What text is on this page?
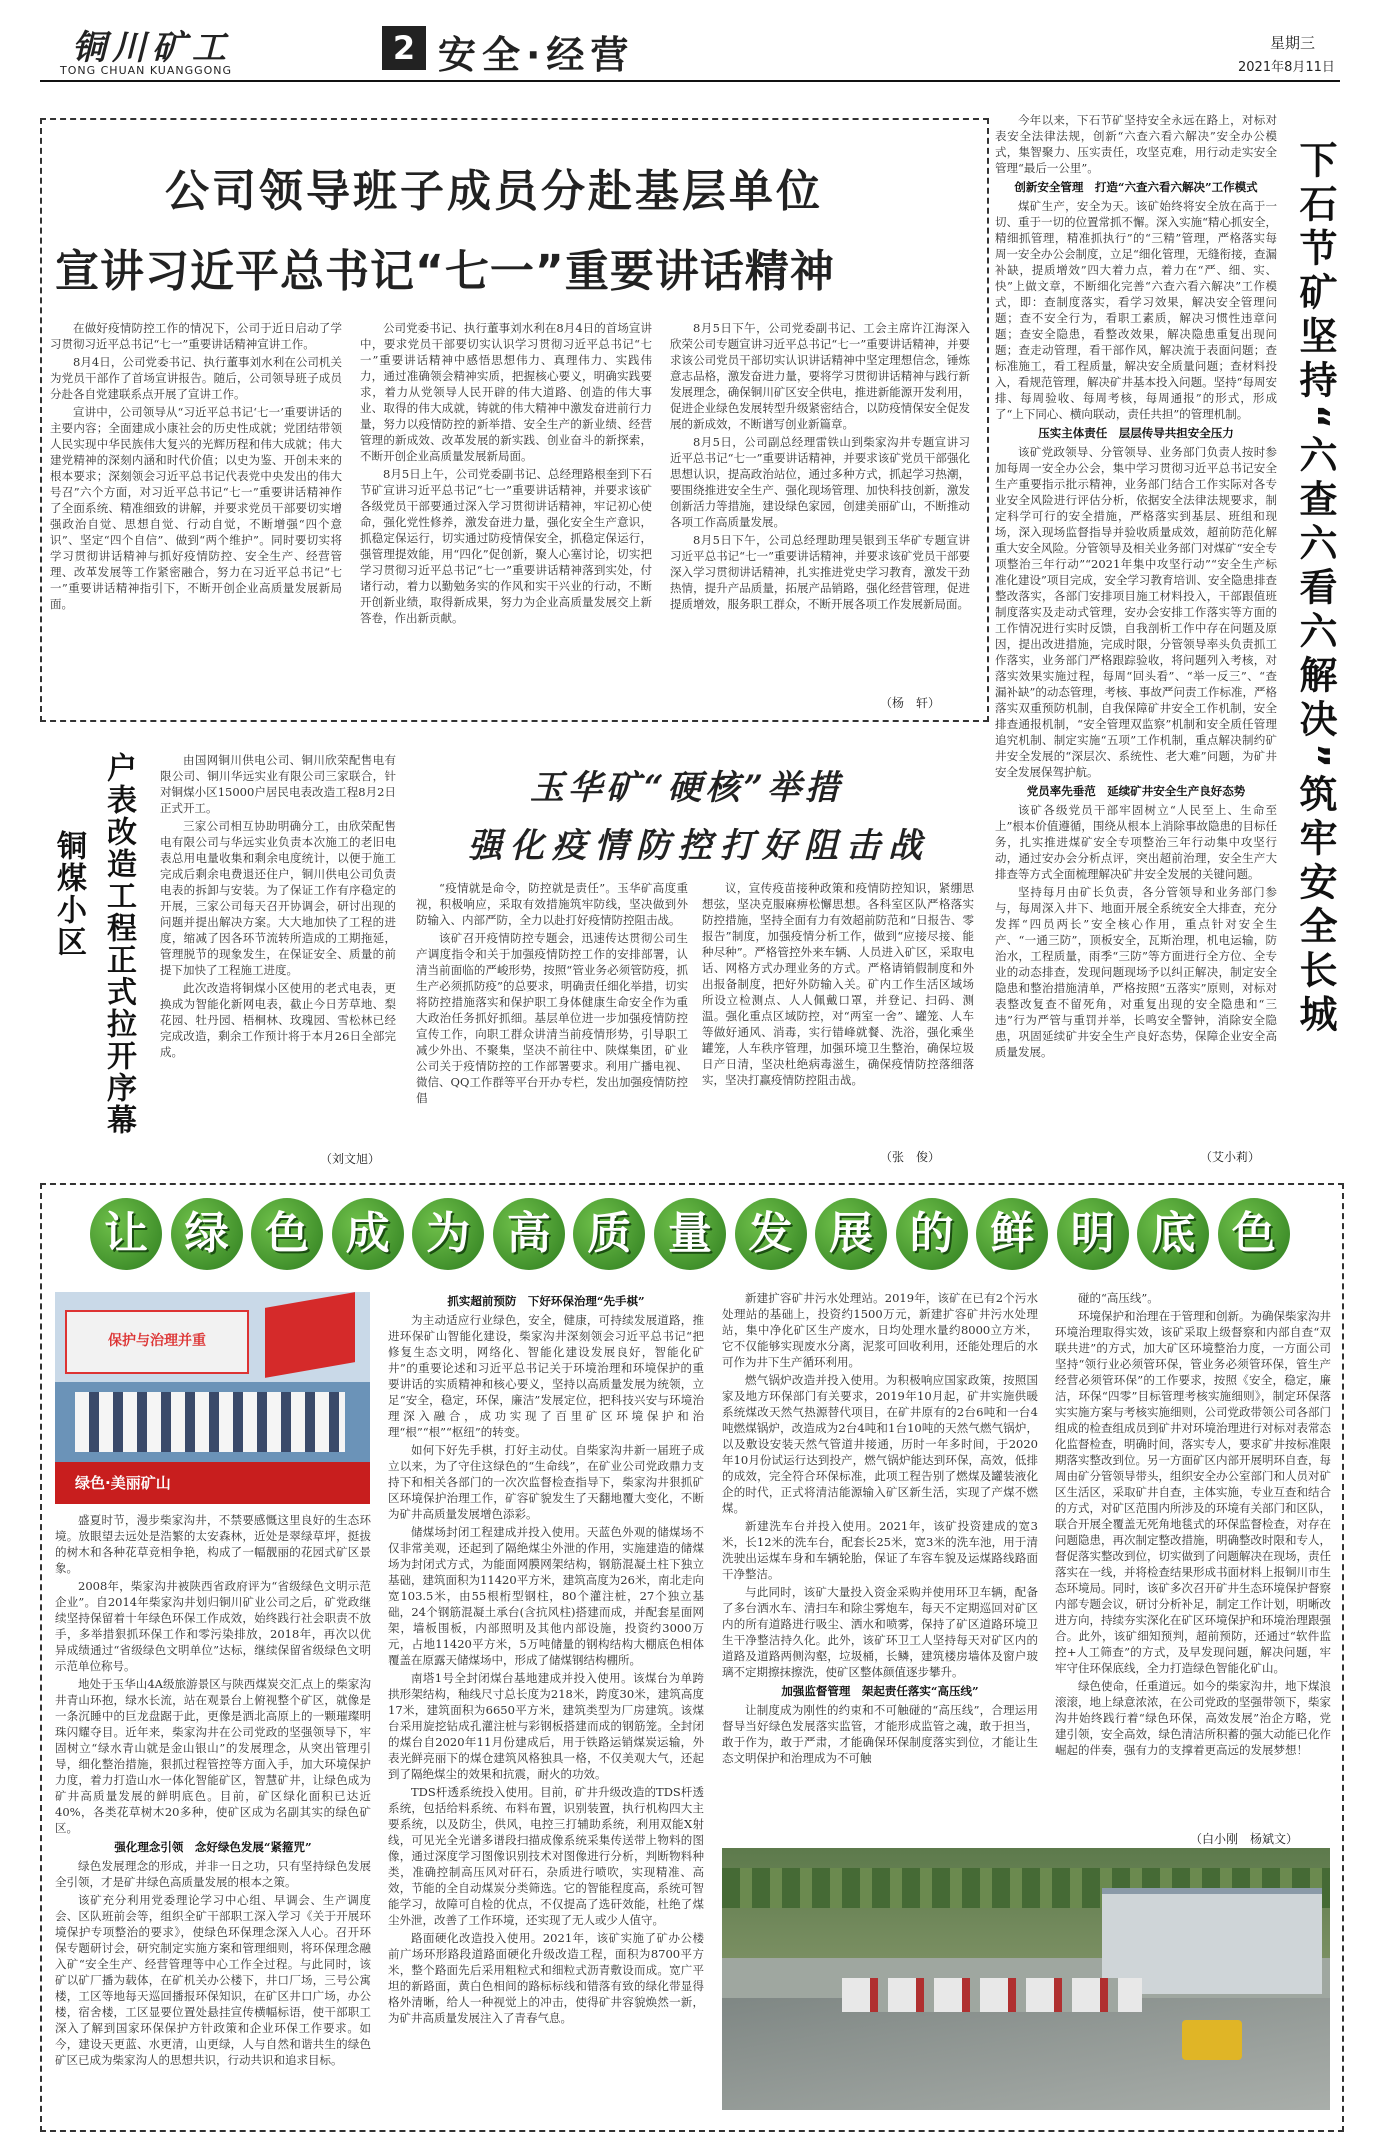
铜川矿工
TONG CHUAN KUANGGONG
2 安全·经营	星期三
2021年8月11日
公司领导班子成员分赴基层单位
宣讲习近平总书记“七一”重要讲话精神

在做好疫情防控工作的情况下，公司于近日启动了学习贯彻习近平总书记“七一”重要讲话精神宣讲工作。

8月4日，公司党委书记、执行董事刘水利在公司机关为党员干部作了首场宣讲报告。随后，公司领导班子成员分赴各自党建联系点开展了宣讲工作。

宣讲中，公司领导从“习近平总书记‘七一’重要讲话的主要内容；全面建成小康社会的历史性成就；党团结带领人民实现中华民族伟大复兴的光辉历程和伟大成就；伟大建党精神的深刻内涵和时代价值；以史为鉴、开创未来的根本要求；深刻领会习近平总书记代表党中央发出的伟大号召”六个方面，对习近平总书记“七一”重要讲话精神作了全面系统、精准细致的讲解，并要求党员干部要切实增强政治自觉、思想自觉、行动自觉，不断增强“四个意识”、坚定“四个自信”、做到“两个维护”。同时要切实将学习贯彻讲话精神与抓好疫情防控、安全生产、经营管理、改革发展等工作紧密融合，努力在习近平总书记“七一”重要讲话精神指引下，不断开创企业高质量发展新局面。

公司党委书记、执行董事刘水利在8月4日的首场宣讲中，要求党员干部要切实认识学习贯彻习近平总书记“七一”重要讲话精神中感悟思想伟力、真理伟力、实践伟力，通过准确领会精神实质，把握核心要义，明确实践要求，着力从党领导人民开辟的伟大道路、创造的伟大事业、取得的伟大成就，铸就的伟大精神中激发奋进前行力量，努力以疫情防控的新举措、安全生产的新业绩、经营管理的新成效、改革发展的新实践、创业奋斗的新探索，不断开创企业高质量发展新局面。

8月5日上午，公司党委副书记、总经理路根奎到下石节矿宣讲习近平总书记“七一”重要讲话精神，并要求该矿各级党员干部要通过深入学习贯彻讲话精神，牢记初心使命，强化党性修养，激发奋进力量，强化安全生产意识，抓稳定保运行，切实通过防疫情保安全，抓稳定保运行，强管理提效能，用“四化”促创新，聚人心塞讨论，切实把学习贯彻习近平总书记“七一”重要讲话精神落到实处，付诸行动，着力以勤勉务实的作风和实干兴业的行动，不断开创新业绩，取得新成果，努力为企业高质量发展交上新答卷，作出新贡献。

8月5日下午，公司党委副书记、工会主席许江海深入欣荣公司专题宣讲习近平总书记“七一”重要讲话精神，并要求该公司党员干部切实认识讲话精神中坚定理想信念，锤炼意志品格，激发奋进力量，要将学习贯彻讲话精神与践行新发展理念，确保铜川矿区安全供电，推进新能源开发利用，促进企业绿色发展转型升级紧密结合，以防疫情保安全促发展的新成效，不断谱写创业新篇章。

8月5日，公司副总经理雷铁山到柴家沟井专题宣讲习近平总书记“七一”重要讲话精神，并要求该矿党员干部强化思想认识，提高政治站位，通过多种方式，抓起学习热潮，要围绕推进安全生产、强化现场管理、加快科技创新，激发创新活力等措施，建设绿色家园，创建美丽矿山，不断推动各项工作高质量发展。

8月5日下午，公司总经理助理吴银到玉华矿专题宣讲习近平总书记“七一”重要讲话精神，并要求该矿党员干部要深入学习贯彻讲话精神，扎实推进党史学习教育，激发干劲热情，提升产品质量，拓展产品销路，强化经营管理，促进提质增效，服务职工群众，不断开展各项工作发展新局面。

（杨　轩）
铜煤小区 户表改造工程正式拉开序幕	由国网铜川供电公司、铜川欣荣配售电有限公司、铜川华远实业有限公司三家联合，针对铜煤小区15000户居民电表改造工程8月2日正式开工。

三家公司相互协助明确分工，由欣荣配售电有限公司与华远实业负责本次施工的老旧电表总用电量收集和剩余电度统计，以便于施工完成后剩余电费退还住户，铜川供电公司负责电表的拆卸与安装。为了保证工作有序稳定的开展，三家公司每天召开协调会，研讨出现的问题并提出解决方案。大大地加快了工程的进度，缩减了因各环节流转所造成的工期拖延，管理脱节的现象发生，在保证安全、质量的前提下加快了工程施工进度。

此次改造将铜煤小区使用的老式电表，更换成为智能化新网电表，截止今日芳草地、梨花园、牡丹园、梧桐林、玫瑰园、雪松林已经完成改造，剩余工作预计将于本月26日全部完成。

（刘文旭）
玉华矿“硬核”举措
强化疫情防控打好阻击战

“疫情就是命令，防控就是责任”。玉华矿高度重视，积极响应，采取有效措施筑牢防线，坚决做到外防输入、内部严防，全力以赴打好疫情防控阻击战。

该矿召开疫情防控专题会，迅速传达贯彻公司生产调度指令和关于加强疫情防控工作的安排部署，认清当前面临的严峻形势，按照“管业务必须管防疫，抓生产必须抓防疫”的总要求，明确责任细化举措，切实将防控措施落实和保护职工身体健康生命安全作为重大政治任务抓好抓细。基层单位进一步加强疫情防控宣传工作，向职工群众讲清当前疫情形势，引导职工减少外出、不聚集，坚决不前往中、陕煤集团，矿业公司关于疫情防控的工作部署要求。利用广播电视、微信、QQ工作群等平台开办专栏，发出加强疫情防控倡

议，宣传疫苗接种政策和疫情防控知识，紧绷思想弦，坚决克服麻痹松懈思想。各科室区队严格落实防控措施，坚持全面有力有效超前防范和“日报告、零报告”制度，加强疫情分析工作，做到“应接尽接、能种尽种”。严格管控外来车辆、人员进入矿区，采取电话、网格方式办理业务的方式。严格请销假制度和外出报备制度，把好外防输入关。矿内工作生活区域场所设立检测点、人人佩戴口罩，并登记、扫码、测温。强化重点区域防控，对“两室一舍”、罐笼、人车等做好通风、消毒，实行错峰就餐、洗浴，强化乘坐罐笼，人车秩序管理，加强环境卫生整治，确保垃圾日产日清，坚决杜绝病毒滋生，确保疫情防控落细落实，坚决打赢疫情防控阻击战。

（张　俊）

今年以来，下石节矿坚持安全永远在路上，对标对表安全法律法规，创新“六查六看六解决”安全办公模式，集智聚力、压实责任，攻坚克难，用行动走实安全管理“最后一公里”。

创新安全管理　打造“六查六看六解决”工作模式

煤矿生产，安全为天。该矿始终将安全放在高于一切、重于一切的位置常抓不懈。深入实施“精心抓安全，精细抓管理，精准抓执行”的“三精”管理，严格落实每周一安全办公会制度，立足“细化管理，无缝衔接，查漏补缺，提质增效”四大着力点，着力在“严、细、实、快”上做文章，不断细化完善“六查六看六解决”工作模式，即：查制度落实，看学习效果，解决安全管理问题；查不安全行为，看职工素质，解决习惯性违章问题；查安全隐患，看整改效果，解决隐患重复出现问题；查走动管理，看干部作风，解决流于表面问题；查标准施工，看工程质量，解决安全质量问题；查材料投入，看规范管理，解决矿井基本投入问题。坚持“每周安排、每周验收、每周考核，每周通报”的形式，形成了“上下同心、横向联动，责任共担”的管理机制。

压实主体责任　层层传导共担安全压力

该矿党政领导、分管领导、业务部门负责人按时参加每周一安全办公会，集中学习贯彻习近平总书记安全生产重要指示批示精神，业务部门结合工作实际对各专业安全风险进行评估分析，依据安全法律法规要求，制定科学可行的安全措施，严格落实到基层、班组和现场，深入现场监督指导并验收质量成效，超前防范化解重大安全风险。分管领导及相关业务部门对煤矿“安全专项整治三年行动”“2021年集中攻坚行动”“安全生产标准化建设”项目完成，安全学习教育培训、安全隐患排查整改落实，各部门安排项目施工材料投入，干部跟值班制度落实及走动式管理，安办会安排工作落实等方面的工作情况进行实时反馈，自我剖析工作中存在问题及原因，提出改进措施，完成时限，分管领导率头负责抓工作落实，业务部门严格跟踪验收，将问题列入考核，对落实效果实施过程，每周“回头看”、“举一反三”、“查漏补缺”的动态管理，考核、事故严问责工作标准，严格落实双重预防机制，自我保障矿井安全工作机制，安全排查通报机制，“安全管理双监察”机制和安全质任管理追究机制、制定实施“五项”工作机制，重点解决制约矿井安全发展的“深层次、系统性、老大难”问题，为矿井安全发展保驾护航。

党员率先垂范　延续矿井安全生产良好态势

该矿各级党员干部牢固树立“人民至上、生命至上”根本价值遵循，围绕从根本上消除事故隐患的目标任务，扎实推进煤矿安全专项整治三年行动集中攻坚行动，通过安办会分析点评，突出超前治理，安全生产大排查等方式全面梳理解决矿井安全发展的关键问题。

坚持每月由矿长负责，各分管领导和业务部门参与，每周深入井下、地面开展全系统安全大排查，充分发挥“四员两长”安全核心作用，重点针对安全生产、“一通三防”，顶板安全，瓦斯治理，机电运输，防治水，工程质量，雨季“三防”等方面进行全方位、全专业的动态排查，发现问题现场予以纠正解决，制定安全隐患和整治措施清单，严格按照“五落实”原则，对标对表整改复查不留死角，对重复出现的安全隐患和“三违”行为严管与重罚并举，长鸣安全警钟，消除安全隐患，巩固延续矿井安全生产良好态势，保障企业安全高质量发展。

（艾小莉）
下石节矿坚持“六查六看六解决”筑牢安全长城
让 绿 色 成 为 高 质 量 发 展 的 鲜 明 底 色
保护与治理并重
绿色·美丽矿山

盛夏时节，漫步柴家沟井，不禁要感慨这里良好的生态环境。放眼望去远处是浩繁的太安森林，近处是翠绿草坪，挺拔的树木和各种花草竞相争艳，构成了一幅靓丽的花园式矿区景象。

2008年，柴家沟井被陕西省政府评为“省级绿色文明示范企业”。自2014年柴家沟井划归铜川矿业公司之后，矿党政继续坚持保留着十年绿色环保工作成效，始终践行社会职责不放手，多举措狠抓环保工作和零污染排放，2018年，再次以优异成绩通过“省级绿色文明单位”达标，继续保留省级绿色文明示范单位称号。

地处于玉华山4A级旅游景区与陕西煤炭交汇点上的柴家沟井青山环抱，绿水长流，站在观景台上俯视整个矿区，就像是一条沉睡中的巨龙盘踞于此，更像是洒北高原上的一颗璀璨明珠闪耀夺目。近年来，柴家沟井在公司党政的坚强领导下，牢固树立“绿水青山就是金山银山”的发展理念，从突出管理引导，细化整治措施，狠抓过程管控等方面入手，加大环境保护力度，着力打造山水一体化智能矿区，智慧矿井，让绿色成为矿井高质量发展的鲜明底色。目前，矿区绿化面积已达近40%，各类花草树木20多种，使矿区成为名副其实的绿色矿区。

强化理念引领　念好绿色发展“紧箍咒”

绿色发展理念的形成，并非一日之功，只有坚持绿色发展全引领，才是矿井绿色高质量发展的根本之策。

该矿充分利用党委理论学习中心组、早调会、生产调度会、区队班前会等，组织全矿干部职工深入学习《关于开展环境保护专项整治的要求》，使绿色环保理念深入人心。召开环保专题研讨会，研究制定实施方案和管理细则，将环保理念融入矿“安全生产、经营管理等中心工作全过程。与此同时，该矿以矿厂播为载体，在矿机关办公楼下，井口厂场，三号公寓楼，工区等地每天巡回播报环保知识，在矿区井口广场，办公楼，宿舍楼，工区显要位置处悬挂宣传横幅标语，使干部职工深入了解到国家环保保护方针政策和企业环保工作要求。如今，建设天更蓝、水更清，山更绿，人与自然和谐共生的绿色矿区已成为柴家沟人的思想共识，行动共识和追求目标。

抓实超前预防　下好环保治理“先手棋”

为主动适应行业绿色，安全，健康，可持续发展道路，推进环保矿山智能化建设，柴家沟井深刻领会习近平总书记“把修复生态文明，网络化、智能化建设发展良好，智能化矿井”的重要论述和习近平总书记关于环境治理和环境保护的重要讲话的实质精神和核心要义，坚持以高质量发展为统领，立足“安全，稳定，环保，廉洁”发展定位，把科技兴安与环境治理深入融合，成功实现了百里矿区环境保护和治理“根”“根”“枢纽”的转变。

如何下好先手棋，打好主动仗。自柴家沟井新一届班子成立以来，为了守住这绿色的“生命线”，在矿业公司党政鼎力支持下和相关各部门的一次次监督检查指导下，柴家沟井狠抓矿区环境保护治理工作，矿容矿貌发生了天翻地覆大变化，不断为矿井高质量发展增色添彩。

储煤场封闭工程建成并投入使用。天蓝色外观的储煤场不仅非常美观，还起到了隔绝煤尘外泄的作用，实施建造的储煤场为封闭式方式，为能面网膜网架结构，钢筋混凝土柱下独立基础，建筑面积为11420平方米，建筑高度为26米，南北走向宽103.5米，由55根桁型钢柱，80个灌注桩，27个独立基础，24个钢筋混凝土承台(含抗风柱)搭建而成，并配套星面网架，墙板围板，内部照明及其他内部设施，投资约3000万元，占地11420平方米，5万吨储量的钢构结构大棚底色相体覆盖在原露天储煤场中，形成了储煤钢结构棚所。

南塔1号全封闭煤台基地建成并投入使用。该煤台为单跨拱形架结构，釉线尺寸总长度为218米，跨度30米，建筑高度17米，建筑面积为6650平方米，建筑类型为厂房建筑。该煤台采用旋挖钻成孔灌注桩与彩钢板搭建而成的钢筋笼。全封闭的煤台自2020年11月份建成后，用于铁路运销煤炭运输，外表光鲜亮丽下的煤仓建筑风格独具一格，不仅美观大气，还起到了隔绝煤尘的效果和抗震，耐火的功效。

TDS杆透系统投入使用。目前，矿井升级改造的TDS杆透系统，包括给料系统、布料布置，识别装置，执行机构四大主要系统，以及防尘，供风，电控三打辅助系统，利用双能X射线，可见光全光谱多谱段扫描成像系统采集传送带上物料的图像，通过深度学习图像识别技术对图像进行分析，判断物料种类，准确控制高压风对矸石，杂质进行喷吹，实现精准、高效，节能的全自动煤炭分类筛选。它的智能程度高，系统可智能学习，故障可自检的优点，不仅提高了选矸效能，杜绝了煤尘外泄，改善了工作环境，还实现了无人或少人值守。

路面硬化改造投入使用。2021年，该矿实施了矿办公楼前广场环形路段道路面硬化升级改造工程，面积为8700平方米，整个路面先后采用粗粒式和细粒式沥青敷设而成。宽广平坦的新路面，黄白色相间的路标标线和错落有致的绿化带显得格外清晰，给人一种视觉上的冲击，使得矿井容貌焕然一新，为矿井高质量发展注入了青春气息。

新建扩容矿井污水处理站。2019年，该矿在已有2个污水处理站的基础上，投资约1500万元，新建扩容矿井污水处理站，集中净化矿区生产废水，日均处理水量约8000立方米，它不仅能够实现废水分离，泥浆可回收利用，还能处理后的水可作为井下生产循环利用。

燃气锅炉改造并投入使用。为积极响应国家政策，按照国家及地方环保部门有关要求，2019年10月起，矿井实施供暖系统煤改天然气热源替代项目，在矿井原有的2台6吨和一台4吨燃煤锅炉，改造成为2台4吨和1台10吨的天然气燃气锅炉，以及敷设安装天然气管道井接通，历时一年多时间，于2020年10月份试运行达到投产，燃气锅炉能达到环保，高效，低排的成效，完全符合环保标准，此项工程告别了燃煤及罐装液化企的时代，正式将清洁能源输入矿区新生活，实现了产煤不燃煤。

新建洗车台并投入使用。2021年，该矿投资建成的宽3米，长12米的洗车台，配套长25米，宽3米的洗车池，用于清洗驶出运煤车身和车辆轮胎，保证了车容车貌及运煤路线路面干净整洁。

与此同时，该矿大量投入资金采购并使用环卫车辆，配备了多台洒水车、清扫车和除尘雾炮车，每天不定期巡回对矿区内的所有道路进行吸尘、洒水和喷雾，保持了矿区道路环境卫生干净整洁持久化。此外，该矿环卫工人坚持每天对矿区内的道路及道路两侧沟壑，垃圾桶，长鳞，建筑楼房墙体及窗户玻璃不定期擦抹擦洗，使矿区整体颜值逐步攀升。

加强监督管理　架起责任落实“高压线”

让制度成为刚性的约束和不可触碰的“高压线”，合理运用督导当好绿色发展落实监管，才能形成监管之魂，敢于担当，敢于作为，敢于严肃，才能确保环保制度落实到位，才能让生态文明保护和治理成为不可触

碰的“高压线”。

环境保护和治理在于管理和创新。为确保柴家沟井环境治理取得实效，该矿采取上级督察和内部自查“双联共进”的方式，加大矿区环境整治力度，一方面公司坚持“领行业必须管环保，管业务必须管环保，管生产经营必须管环保”的工作要求，按照《安全，稳定，廉洁，环保“四零”目标管理考核实施细则》，制定环保落实实施方案与考核实施细则，公司党政带领公司各部门组成的检查组成员到矿井对环境治理进行对标对表常态化监督检查，明确时间，落实专人，要求矿井按标准限期落实整改到位。另一方面矿区内部开展明环自查，每周由矿分管领导带头，组织安全办公室部门和人员对矿区生活区，采取矿井自查，主体实施，专业互查和结合的方式，对矿区范围内所涉及的环境有关部门和区队，联合开展全覆盖无死角地毯式的环保监督检查，对存在问题隐患，再次制定整改措施，明确整改时限和专人，督促落实整改到位，切实做到了问题解决在现场，责任落实在一线，并将检查结果形成书面材料上报铜川市生态环境局。同时，该矿多次召开矿井生态环境保护督察内部专题会议，研讨分析补足，制定工作计划，明晰改进方向，持续夯实深化在矿区环境保护和环境治理跟强合。此外，该矿细知预判，超前预防，还通过“软件监控+人工筛查”的方式，及早发现问题，解决问题，牢牢守住环保底线，全力打造绿色智能化矿山。

绿色使命，任重道远。如今的柴家沟井，地下煤浪滚滚，地上绿意浓浓，在公司党政的坚强带领下，柴家沟井始终践行着“绿色环保，高效发展”治企方略，党建引领，安全高效，绿色清洁所积蓄的强大动能已化作崛起的伴奏，强有力的支撑着更高远的发展梦想！

（白小刚　杨斌文）
